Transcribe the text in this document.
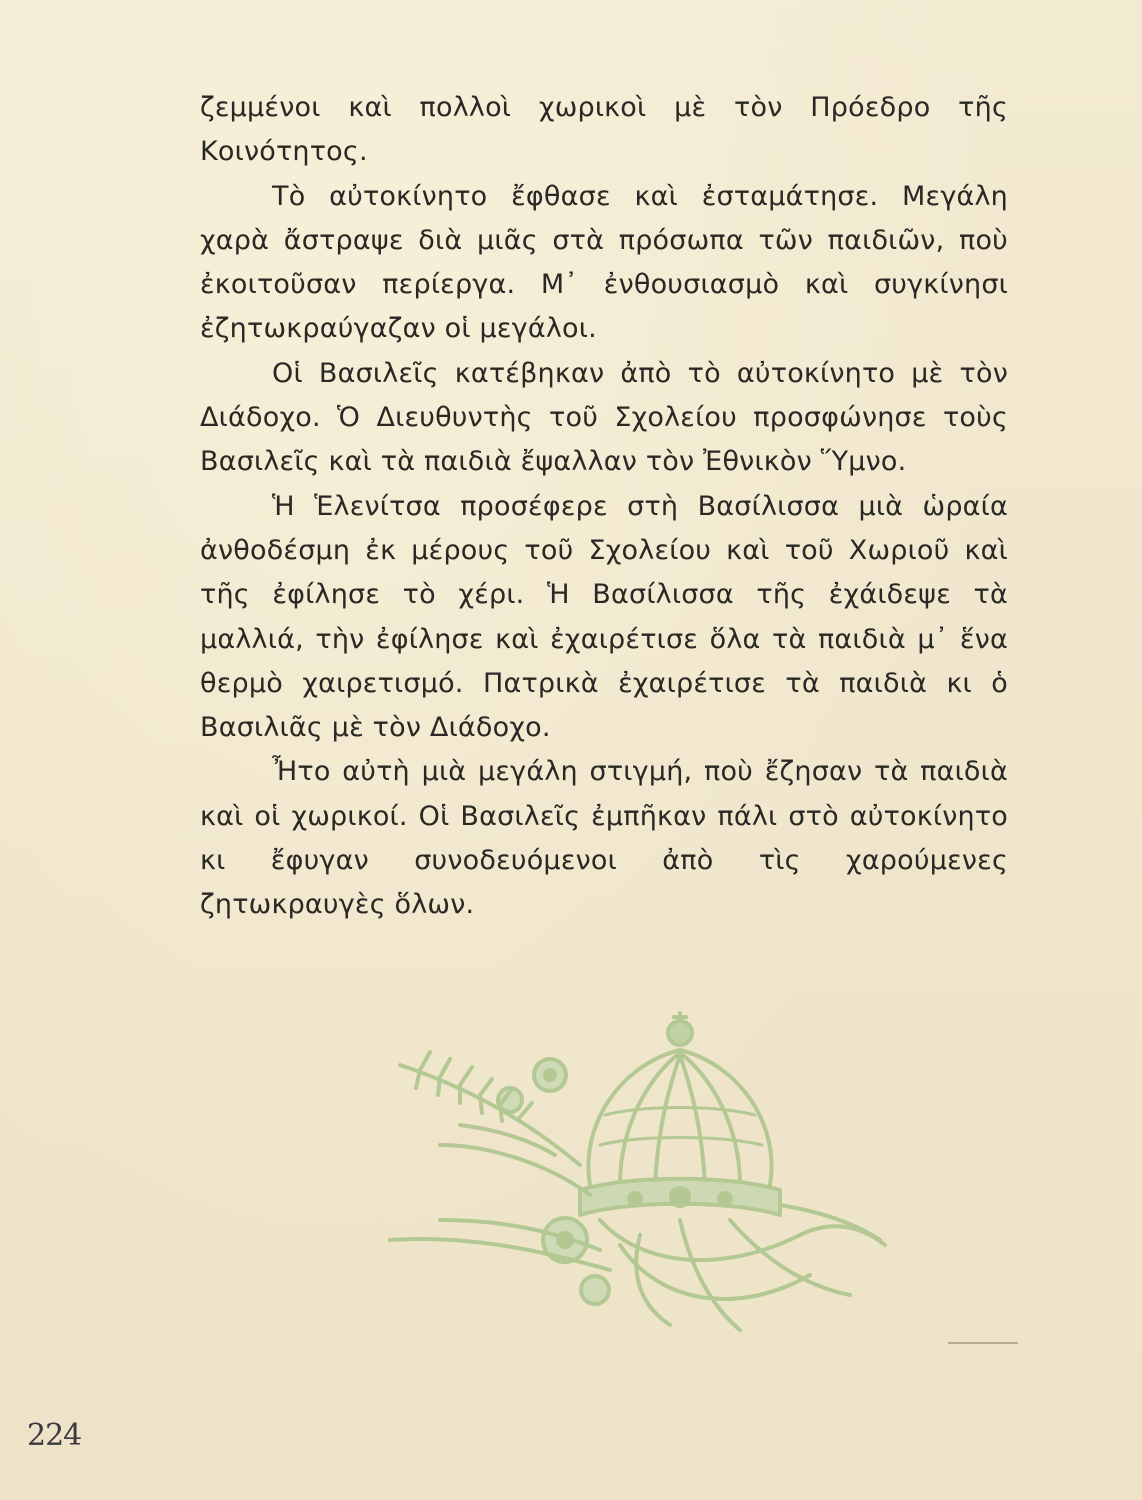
ζεμμένοι καὶ πολλοὶ χωρικοὶ μὲ τὸν Πρόεδρο τῆς Κοινότητος.

Τὸ αὐτοκίνητο ἔφθασε καὶ ἐσταμάτησε. Μεγάλη χαρὰ ἄστραψε διὰ μιᾶς στὰ πρόσωπα τῶν παιδιῶν, ποὺ ἐκοιτοῦσαν περίεργα. Μ᾽ ἐνθουσιασμὸ καὶ συγκίνησι ἐζητωκραύγαζαν οἱ μεγάλοι.

Οἱ Βασιλεῖς κατέβηκαν ἀπὸ τὸ αὐτοκίνητο μὲ τὸν Διάδοχο. Ὁ Διευθυντὴς τοῦ Σχολείου προσφώνησε τοὺς Βασιλεῖς καὶ τὰ παιδιὰ ἔψαλλαν τὸν Ἐθνικὸν Ὕμνο.

Ἡ Ἑλενίτσα προσέφερε στὴ Βασίλισσα μιὰ ὡραία ἀνθοδέσμη ἐκ μέρους τοῦ Σχολείου καὶ τοῦ Χωριοῦ καὶ τῆς ἐφίλησε τὸ χέρι. Ἡ Βασίλισσα τῆς ἐχάιδεψε τὰ μαλλιά, τὴν ἐφίλησε καὶ ἐχαιρέτισε ὅλα τὰ παιδιὰ μ᾽ ἕνα θερμὸ χαιρετισμό. Πατρικὰ ἐχαιρέτισε τὰ παιδιὰ κι ὁ Βασιλιᾶς μὲ τὸν Διάδοχο.

Ἦτο αὐτὴ μιὰ μεγάλη στιγμή, ποὺ ἔζησαν τὰ παιδιὰ καὶ οἱ χωρικοί. Οἱ Βασιλεῖς ἐμπῆκαν πάλι στὸ αὐτοκίνητο κι ἔφυγαν συνοδευόμενοι ἀπὸ τὶς χαρούμενες ζητωκραυγὲς ὅλων.

224
